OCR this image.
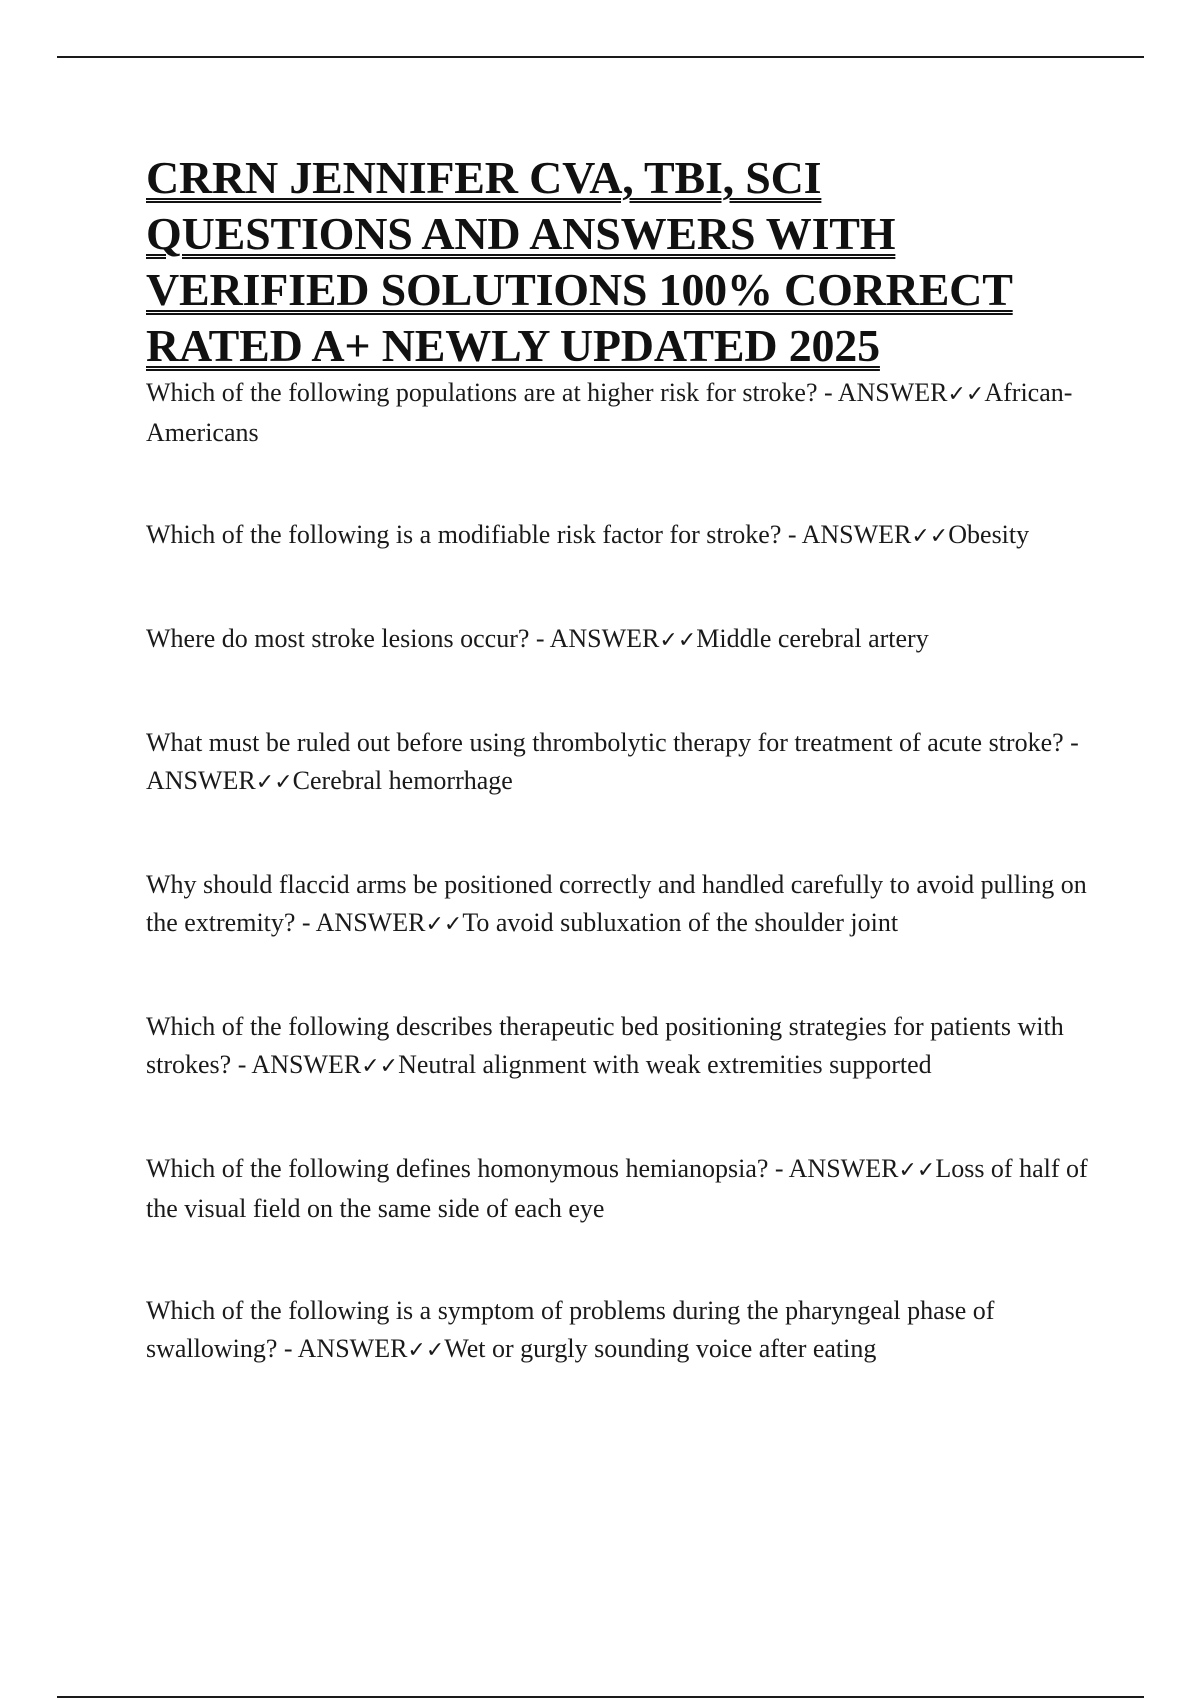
CRRN JENNIFER CVA, TBI, SCI QUESTIONS AND ANSWERS WITH VERIFIED SOLUTIONS 100% CORRECT RATED A+ NEWLY UPDATED 2025
Which of the following populations are at higher risk for stroke? - ANSWER✓✓African-Americans
Which of the following is a modifiable risk factor for stroke? - ANSWER✓✓Obesity
Where do most stroke lesions occur? - ANSWER✓✓Middle cerebral artery
What must be ruled out before using thrombolytic therapy for treatment of acute stroke? - ANSWER✓✓Cerebral hemorrhage
Why should flaccid arms be positioned correctly and handled carefully to avoid pulling on the extremity? - ANSWER✓✓To avoid subluxation of the shoulder joint
Which of the following describes therapeutic bed positioning strategies for patients with strokes? - ANSWER✓✓Neutral alignment with weak extremities supported
Which of the following defines homonymous hemianopsia? - ANSWER✓✓Loss of half of the visual field on the same side of each eye
Which of the following is a symptom of problems during the pharyngeal phase of swallowing? - ANSWER✓✓Wet or gurgly sounding voice after eating
